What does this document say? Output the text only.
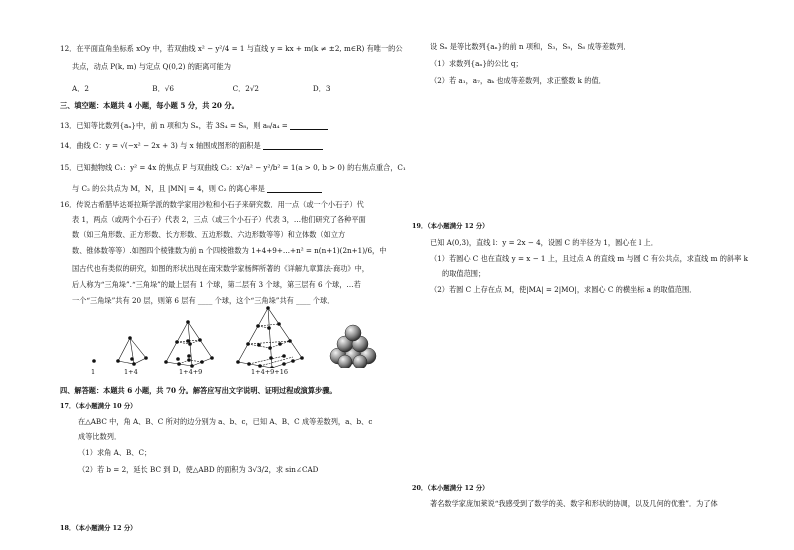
12．在平面直角坐标系 xOy 中，若双曲线 x² − y²/4 = 1 与直线 y = kx + m(k ≠ ±2, m∈R) 有唯一的公
共点，动点 P(k, m) 与定点 Q(0,2) 的距离可能为
A．2	B．√6	C．2√2	D．3
三、填空题：本题共 4 小题，每小题 5 分，共 20 分。
13．已知等比数列{aₙ}中，前 n 项和为 Sₙ，若 3S₄ = S₈，则 a₈/a₄ =
14．曲线 C：y = √(−x² − 2x + 3) 与 x 轴围成图形的面积是
15．已知抛物线 C₁：y² = 4x 的焦点 F 与双曲线 C₂：x²/a² − y²/b² = 1(a > 0, b > 0) 的右焦点重合，C₁
与 C₂ 的公共点为 M，N，且 |MN| = 4，则 C₂ 的离心率是
16．传说古希腊毕达哥拉斯学派的数学家用沙粒和小石子来研究数．用一点（或一个小石子）代
表 1，两点（或两个小石子）代表 2，三点（或三个小石子）代表 3，…他们研究了各种平面
数（如三角形数、正方形数、长方形数、五边形数、六边形数等等）和立体数（如立方
数、锥体数等等）.如图四个棱锥数为前 n 个四棱锥数为 1+4+9+…+n² = n(n+1)(2n+1)/6，中
国古代也有类似的研究，如图的形状出现在南宋数学家杨辉所著的《详解九章算法·商功》中，
后人称为“三角垛”.“三角垛”的最上层有 1 个球，第二层有 3 个球，第三层有 6 个球，…若
一个“三角垛”共有 20 层，则第 6 层有 ____ 个球，这个“三角垛”共有 ____ 个球．
1	1+4	1+4+9	1+4+9+16
四、解答题：本题共 6 小题，共 70 分。解答应写出文字说明、证明过程或演算步骤。
17．（本小题满分 10 分）
在△ABC 中，角 A、B、C 所对的边分别为 a、b、c，已知 A、B、C 成等差数列，a、b、c
成等比数列．
（1）求角 A、B、C；
（2）若 b = 2，延长 BC 到 D，使△ABD 的面积为 3√3/2，求 sin∠CAD
18．（本小题满分 12 分）
设 Sₙ 是等比数列{aₙ}的前 n 项和，S₃，S₉，S₆ 成等差数列．
（1）求数列{aₙ}的公比 q；
（2）若 a₁，a₇，aₖ 也成等差数列，求正整数 k 的值．
19．（本小题满分 12 分）
已知 A(0,3)，直线 l：y = 2x − 4，设圆 C 的半径为 1，圆心在 l 上．
（1）若圆心 C 也在直线 y = x − 1 上，且过点 A 的直线 m 与圆 C 有公共点，求直线 m 的斜率 k
的取值范围；
（2）若圆 C 上存在点 M，使|MA| = 2|MO|，求圆心 C 的横坐标 a 的取值范围．
20．（本小题满分 12 分）
著名数学家庞加莱说“我感受到了数学的美、数字和形状的协调，以及几何的优雅”．为了体
